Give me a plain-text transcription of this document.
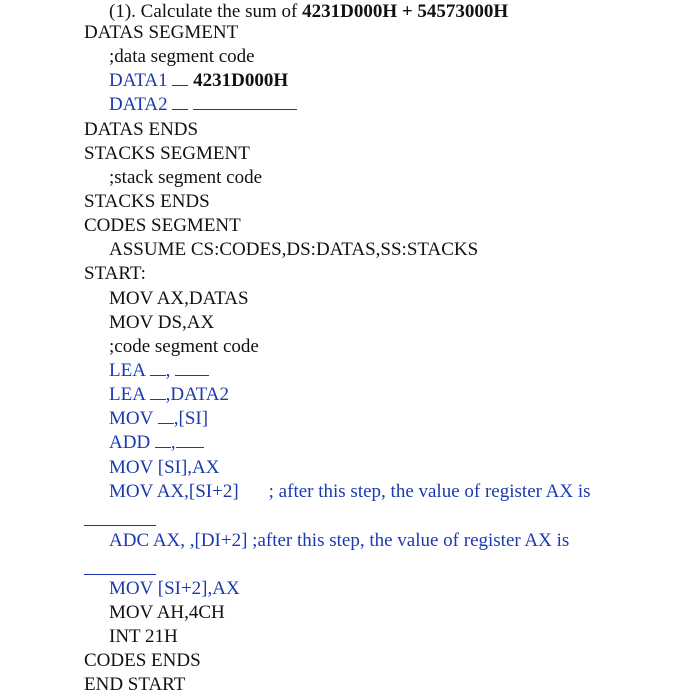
(1). Calculate the sum of 4231D000H + 54573000H
DATAS SEGMENT
;data segment code
DATA1 4231D000H
DATA2
DATAS ENDS
STACKS SEGMENT
;stack segment code
STACKS ENDS
CODES SEGMENT
ASSUME CS:CODES,DS:DATAS,SS:STACKS
START:
MOV AX,DATAS
MOV DS,AX
;code segment code
LEA ,
LEA ,DATA2
MOV ,[SI]
ADD ,
MOV [SI],AX
MOV AX,[SI+2] ; after this step, the value of register AX is
ADC AX, ,[DI+2] ;after this step, the value of register AX is
MOV [SI+2],AX
MOV AH,4CH
INT 21H
CODES ENDS
END START
